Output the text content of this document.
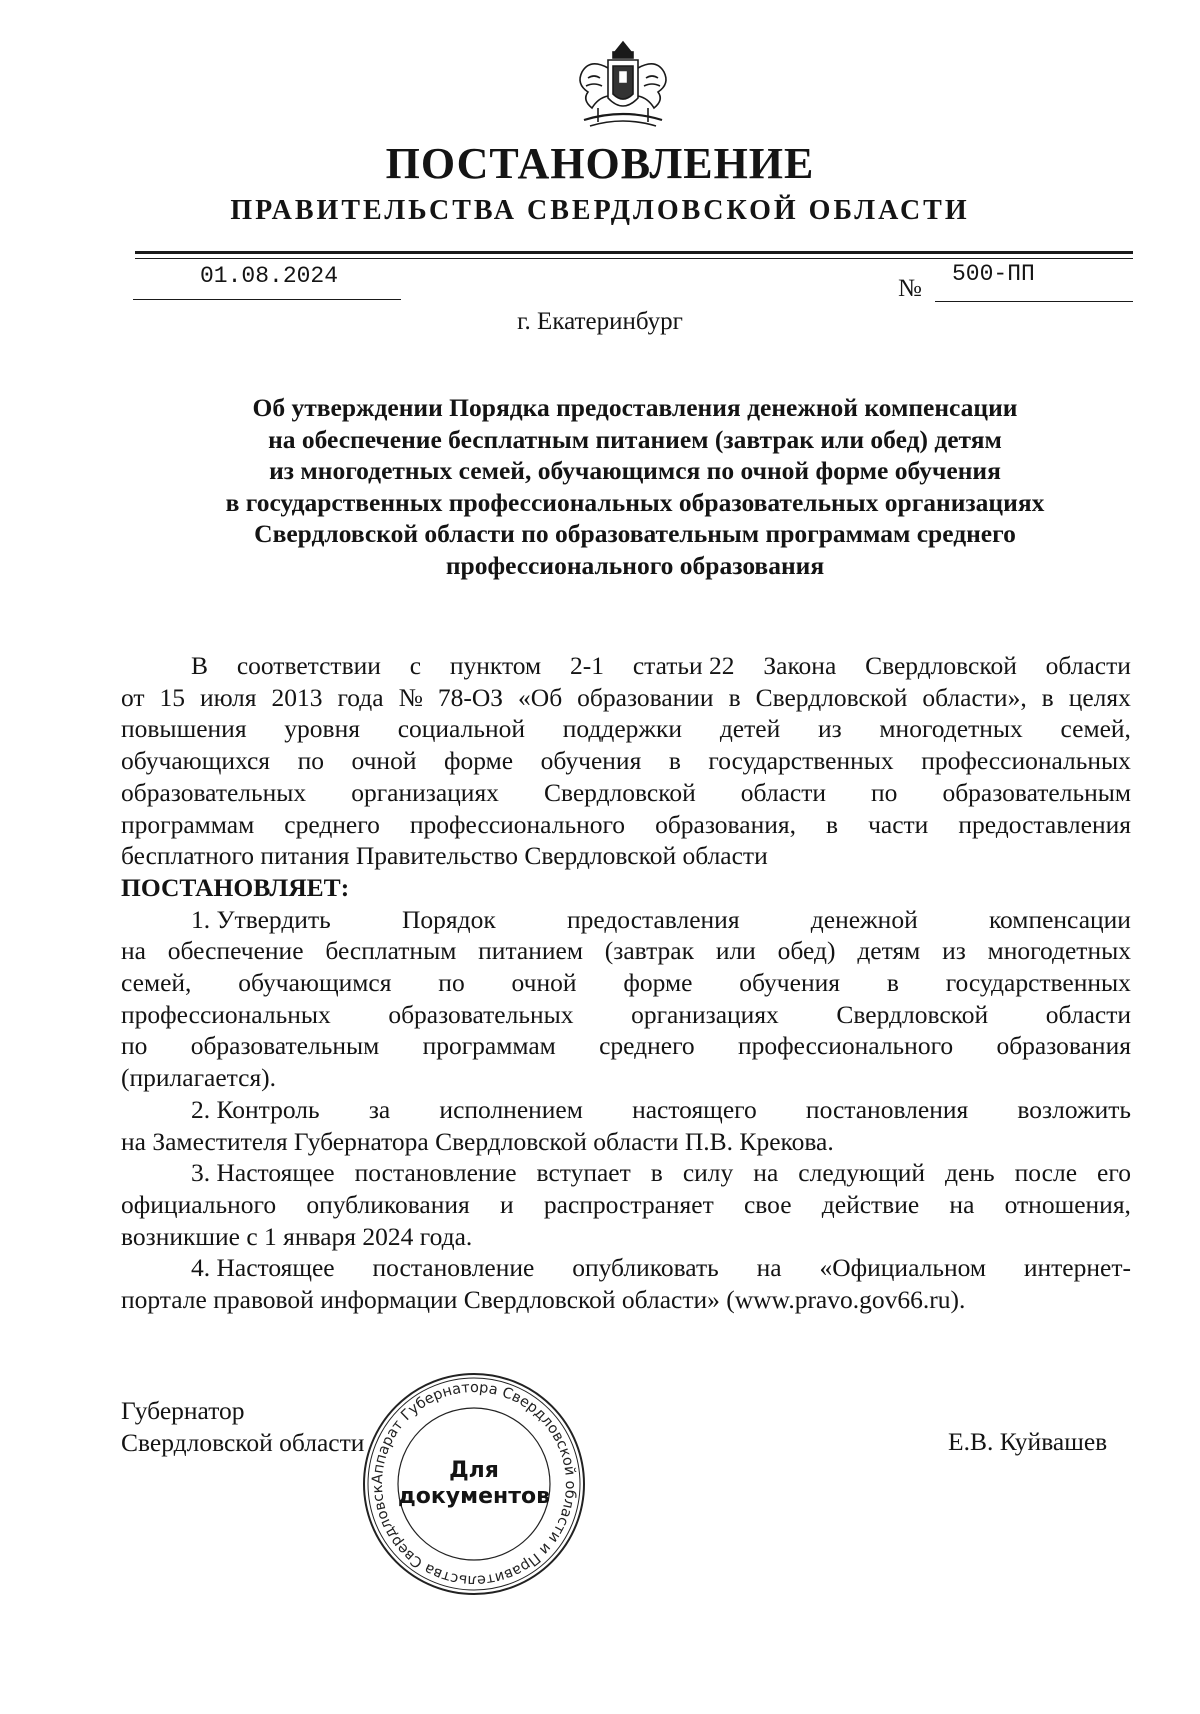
ПОСТАНОВЛЕНИЕ
ПРАВИТЕЛЬСТВА СВЕРДЛОВСКОЙ ОБЛАСТИ
01.08.2024	№
500-ПП
г. Екатеринбург
Об утверждении Порядка предоставления денежной компенсации
на обеспечение бесплатным питанием (завтрак или обед) детям
из многодетных семей, обучающимся по очной форме обучения
в государственных профессиональных образовательных организациях
Свердловской области по образовательным программам среднего
профессионального образования
В соответствии с пунктом 2-1 статьи 22 Закона Свердловской области
от 15 июля 2013 года № 78-ОЗ «Об образовании в Свердловской области», в целях
повышения уровня социальной поддержки детей из многодетных семей,
обучающихся по очной форме обучения в государственных профессиональных
образовательных организациях Свердловской области по образовательным
программам среднего профессионального образования, в части предоставления
бесплатного питания Правительство Свердловской области
ПОСТАНОВЛЯЕТ:
1. Утвердить	Порядок	предоставления	денежной	компенсации
на обеспечение бесплатным питанием (завтрак или обед) детям из многодетных
семей, обучающимся по очной форме обучения в государственных
профессиональных образовательных организациях Свердловской области
по образовательным программам среднего профессионального образования
(прилагается).
2. Контроль за исполнением настоящего постановления возложить
на Заместителя Губернатора Свердловской области П.В. Крекова.
3. Настоящее постановление вступает в силу на следующий день после его
официального опубликования и распространяет свое действие на отношения,
возникшие с 1 января 2024 года.
4. Настоящее постановление опубликовать на «Официальном интернет-
портале правовой информации Свердловской области» (www.pravo.gov66.ru).
Губернатор
Свердловской области	Е.В. Куйвашев
Аппарат Губернатора Свердловской области и Правительства Свердловск
Для
документов
